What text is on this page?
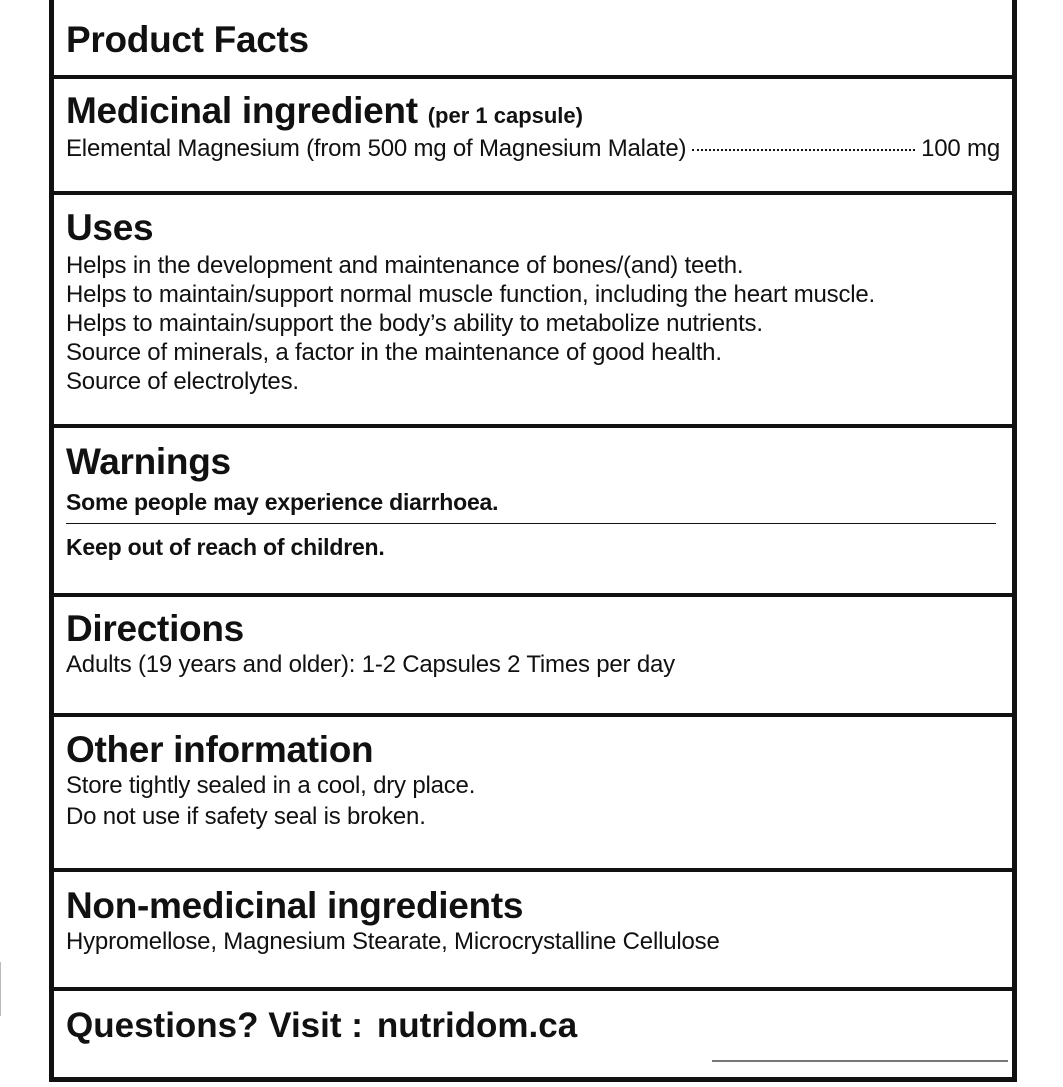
Product Facts
Medicinal ingredient (per 1 capsule)
Elemental Magnesium (from 500 mg of Magnesium Malate)	100 mg
Uses
Helps in the development and maintenance of bones/(and) teeth.
Helps to maintain/support normal muscle function, including the heart muscle.
Helps to maintain/support the body’s ability to metabolize nutrients.
Source of minerals, a factor in the maintenance of good health.
Source of electrolytes.
Warnings
Some people may experience diarrhoea.
Keep out of reach of children.
Directions
Adults (19 years and older): 1-2 Capsules 2 Times per day
Other information
Store tightly sealed in a cool, dry place.
Do not use if safety seal is broken.
Non-medicinal ingredients
Hypromellose, Magnesium Stearate, Microcrystalline Cellulose
Questions? Visit : nutridom.ca
